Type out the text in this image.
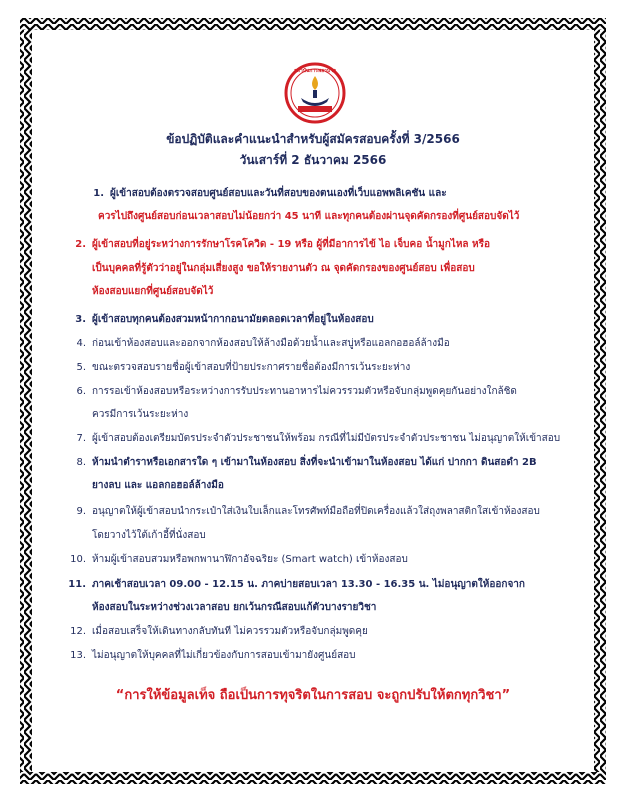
สถาบันการพยาบาล
ข้อปฏิบัติและคำแนะนำสำหรับผู้สมัครสอบครั้งที่ 3/2566
วันเสาร์ที่ 2 ธันวาคม 2566
1. ผู้เข้าสอบต้องตรวจสอบศูนย์สอบและวันที่สอบของตนเองที่เว็บแอพพลิเคชัน และ
ควรไปถึงศูนย์สอบก่อนเวลาสอบไม่น้อยกว่า 45 นาที และทุกคนต้องผ่านจุดคัดกรองที่ศูนย์สอบจัดไว้
2. ผู้เข้าสอบที่อยู่ระหว่างการรักษาโรคโควิด - 19 หรือ ผู้ที่มีอาการไข้ ไอ เจ็บคอ น้ำมูกไหล หรือ
เป็นบุคคลที่รู้ตัวว่าอยู่ในกลุ่มเสี่ยงสูง ขอให้รายงานตัว ณ จุดคัดกรองของศูนย์สอบ เพื่อสอบ
ห้องสอบแยกที่ศูนย์สอบจัดไว้
3. ผู้เข้าสอบทุกคนต้องสวมหน้ากากอนามัยตลอดเวลาที่อยู่ในห้องสอบ
4. ก่อนเข้าห้องสอบและออกจากห้องสอบให้ล้างมือด้วยน้ำและสบู่หรือแอลกอฮอล์ล้างมือ
5. ขณะตรวจสอบรายชื่อผู้เข้าสอบที่ป้ายประกาศรายชื่อต้องมีการเว้นระยะห่าง
6. การรอเข้าห้องสอบหรือระหว่างการรับประทานอาหารไม่ควรรวมตัวหรือจับกลุ่มพูดคุยกันอย่างใกล้ชิด
ควรมีการเว้นระยะห่าง
7. ผู้เข้าสอบต้องเตรียมบัตรประจำตัวประชาชนให้พร้อม กรณีที่ไม่มีบัตรประจำตัวประชาชน ไม่อนุญาตให้เข้าสอบ
8. ห้ามนำตำราหรือเอกสารใด ๆ เข้ามาในห้องสอบ สิ่งที่จะนำเข้ามาในห้องสอบ ได้แก่ ปากกา ดินสอดำ 2B
ยางลบ และ แอลกอฮอล์ล้างมือ
9. อนุญาตให้ผู้เข้าสอบนำกระเป๋าใส่เงินใบเล็กและโทรศัพท์มือถือที่ปิดเครื่องแล้วใส่ถุงพลาสติกใสเข้าห้องสอบ
โดยวางไว้ใต้เก้าอี้ที่นั่งสอบ
10. ห้ามผู้เข้าสอบสวมหรือพกพานาฬิกาอัจฉริยะ (Smart watch) เข้าห้องสอบ
11. ภาคเช้าสอบเวลา 09.00 - 12.15 น. ภาคบ่ายสอบเวลา 13.30 - 16.35 น. ไม่อนุญาตให้ออกจาก
ห้องสอบในระหว่างช่วงเวลาสอบ ยกเว้นกรณีสอบแก้ตัวบางรายวิชา
12. เมื่อสอบเสร็จให้เดินทางกลับทันที ไม่ควรรวมตัวหรือจับกลุ่มพูดคุย
13. ไม่อนุญาตให้บุคคลที่ไม่เกี่ยวข้องกับการสอบเข้ามายังศูนย์สอบ
“การให้ข้อมูลเท็จ ถือเป็นการทุจริตในการสอบ จะถูกปรับให้ตกทุกวิชา”
